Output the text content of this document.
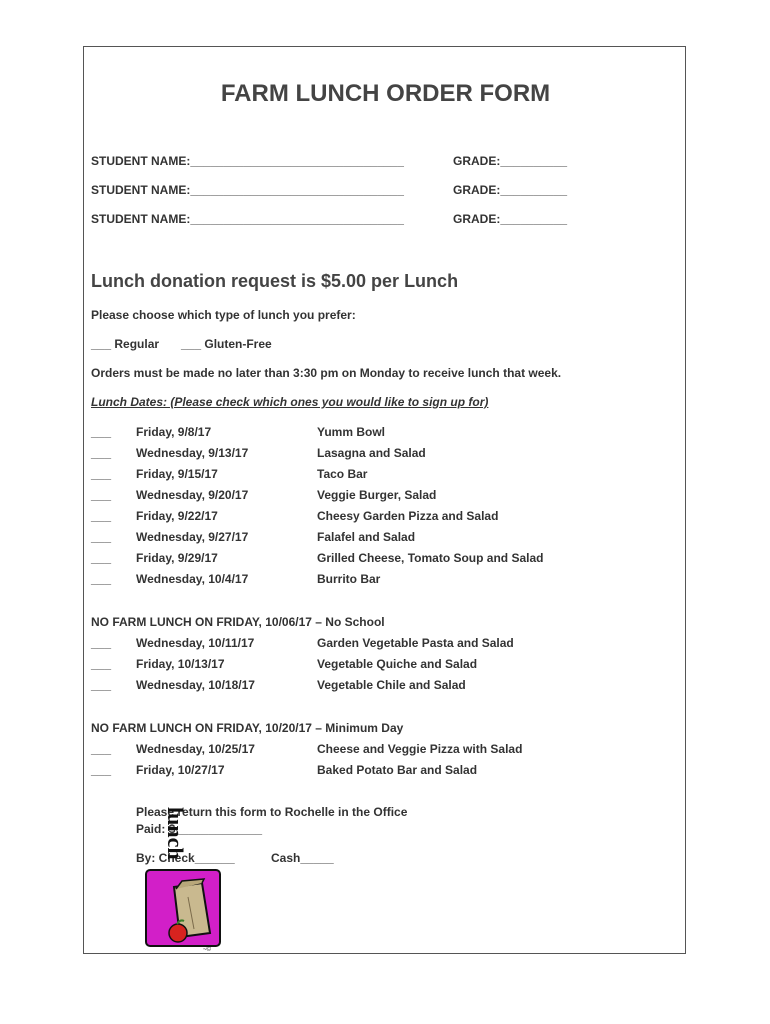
FARM LUNCH ORDER FORM
STUDENT NAME:________________________________	GRADE:__________
STUDENT NAME:________________________________	GRADE:__________
STUDENT NAME:________________________________	GRADE:__________
Lunch donation request is $5.00 per Lunch
Please choose which type of lunch you prefer:
___ Regular ___ Gluten-Free
Orders must be made no later than 3:30 pm on Monday to receive lunch that week.
Lunch Dates: (Please check which ones you would like to sign up for)
___ Friday, 9/8/17	Yumm Bowl
___ Wednesday, 9/13/17	Lasagna and Salad
___ Friday, 9/15/17	Taco Bar
___ Wednesday, 9/20/17	Veggie Burger, Salad
___ Friday, 9/22/17	Cheesy Garden Pizza and Salad
___ Wednesday, 9/27/17	Falafel and Salad
___ Friday, 9/29/17	Grilled Cheese, Tomato Soup and Salad
___ Wednesday, 10/4/17	Burrito Bar
NO FARM LUNCH ON FRIDAY, 10/06/17 – No School
___ Wednesday, 10/11/17	Garden Vegetable Pasta and Salad
___ Friday, 10/13/17	Vegetable Quiche and Salad
___ Wednesday, 10/18/17	Vegetable Chile and Salad
NO FARM LUNCH ON FRIDAY, 10/20/17 – Minimum Day
___ Wednesday, 10/25/17	Cheese and Veggie Pizza with Salad
___ Friday, 10/27/17	Baked Potato Bar and Salad
Please return this form to Rochelle in the Office
Paid: $_____________
By: Check______	Cash_____
lunch
~©
